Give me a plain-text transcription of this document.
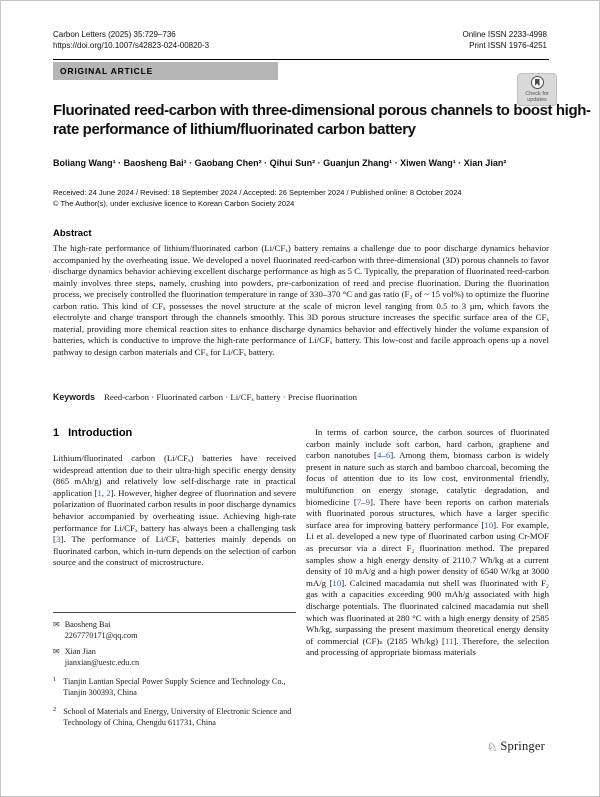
Carbon Letters (2025) 35:729–736
https://doi.org/10.1007/s42823-024-00820-3
Online ISSN 2233-4998
Print ISSN 1976-4251
ORIGINAL ARTICLE
Check for
updates
Fluorinated reed-carbon with three-dimensional porous channels to boost high-rate performance of lithium/fluorinated carbon battery
Boliang Wang¹ · Baosheng Bai¹ · Gaobang Chen² · Qihui Sun² · Guanjun Zhang¹ · Xiwen Wang¹ · Xian Jian²
Received: 24 June 2024 / Revised: 18 September 2024 / Accepted: 26 September 2024 / Published online: 8 October 2024
© The Author(s), under exclusive licence to Korean Carbon Society 2024
Abstract

The high-rate performance of lithium/fluorinated carbon (Li/CFₓ) battery remains a challenge due to poor discharge dynamics behavior accompanied by the overheating issue. We developed a novel fluorinated reed-carbon with three-dimensional (3D) porous channels to favor discharge dynamics behavior achieving excellent discharge performance as high as 5 C. Typically, the preparation of fluorinated reed-carbon mainly involves three steps, namely, crushing into powders, pre-carbonization of reed and precise fluorination. During the fluorination process, we precisely controlled the fluorination temperature in range of 330–370 °C and gas ratio (F₂ of ~ 15 vol%) to optimize the fluorine carbon ratio. This kind of CFₓ possesses the novel structure at the scale of micron level ranging from 0.5 to 3 μm, which favors the electrolyte and charge transport through the channels smoothly. This 3D porous structure increases the specific surface area of the CFₓ material, providing more chemical reaction sites to enhance discharge dynamics behavior and effectively hinder the volume expansion of batteries, which is conductive to improve the high-rate performance of Li/CFₓ battery. This low-cost and facile approach opens up a novel pathway to design carbon materials and CFₓ for Li/CFₓ battery.

Keywords Reed-carbon · Fluorinated carbon · Li/CFₓ battery · Precise fluorination
1 Introduction

Lithium/fluorinated carbon (Li/CFₓ) batteries have received widespread attention due to their ultra-high specific energy density (865 mAh/g) and relatively low self-discharge rate in practical application [1, 2]. However, higher degree of fluorination and severe polarization of fluorinated carbon results in poor discharge dynamics behavior accompanied by overheating issue. Achieving high-rate performance for Li/CFₓ battery has always been a challenging task [3]. The performance of Li/CFₓ batteries mainly depends on fluorinated carbon, which in-turn depends on the selection of carbon source and the construct of microstructure.

In terms of carbon source, the carbon sources of fluorinated carbon mainly include soft carbon, hard carbon, graphene and carbon nanotubes [4–6]. Among them, biomass carbon is widely present in nature such as starch and bamboo charcoal, becoming the focus of attention due to its low cost, environmental friendly, multifunction on energy storage, catalytic degradation, and biomedicine [7–9]. There have been reports on carbon materials with fluorinated porous structures, which have a larger specific surface area for improving battery performance [10]. For example, Li et al. developed a new type of fluorinated carbon using Cr-MOF as precursor via a direct F₂ fluorination method. The prepared samples show a high energy density of 2110.7 Wh/kg at a current density of 10 mA/g and a high power density of 6540 W/kg at 3000 mA/g [10]. Calcined macadamia nut shell was fluorinated with F₂ gas with a capacities exceeding 900 mAh/g associated with high discharge potentials. The fluorinated calcined macadamia nut shell which was fluorinated at 280 °C with a high energy density of 2585 Wh/kg, surpassing the present maximum theoretical energy density of commercial (CF)ₙ (2185 Wh/kg) [11]. Therefore, the selection and processing of appropriate biomass materials

✉ Baosheng Bai
2267770171@qq.com
✉ Xian Jian
jianxian@uestc.edu.cn
1 Tianjin Lantian Special Power Supply Science and Technology Co., Tianjin 300393, China
2 School of Materials and Energy, University of Electronic Science and Technology of China, Chengdu 611731, China
♘ Springer
